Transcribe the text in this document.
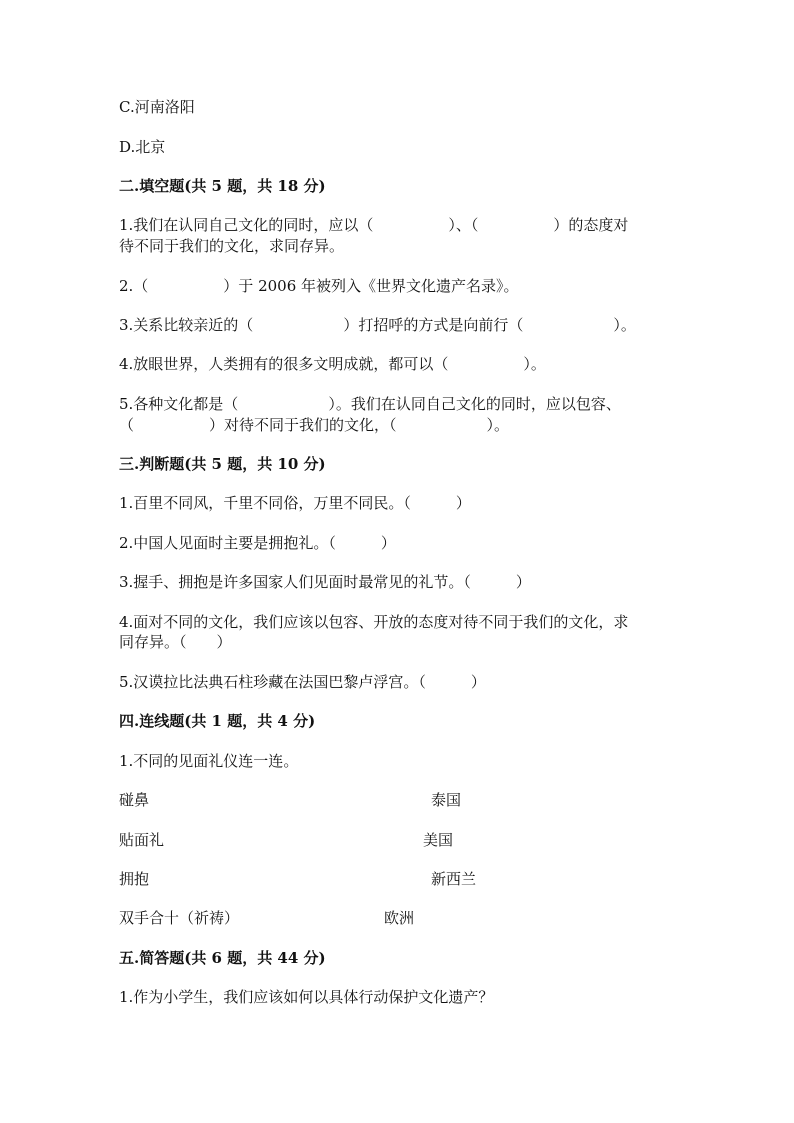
C.河南洛阳
D.北京
二.填空题(共 5 题，共 18 分)
1.我们在认同自己文化的同时，应以（　　　　　）、（　　　　　）的态度对
待不同于我们的文化，求同存异。
2.（　　　　　）于 2006 年被列入《世界文化遗产名录》。
3.关系比较亲近的（　　　　　　）打招呼的方式是向前行（　　　　　　）。
4.放眼世界，人类拥有的很多文明成就，都可以（　　　　　）。
5.各种文化都是（　　　　　　）。我们在认同自己文化的同时，应以包容、
（　　　　　）对待不同于我们的文化，（　　　　　　）。
三.判断题(共 5 题，共 10 分)
1.百里不同风，千里不同俗，万里不同民。（　　　）
2.中国人见面时主要是拥抱礼。（　　　）
3.握手、拥抱是许多国家人们见面时最常见的礼节。（　　　）
4.面对不同的文化，我们应该以包容、开放的态度对待不同于我们的文化，求
同存异。（　　）
5.汉谟拉比法典石柱珍藏在法国巴黎卢浮宫。（　　　）
四.连线题(共 1 题，共 4 分)
1.不同的见面礼仪连一连。
碰鼻	泰国
贴面礼	美国
拥抱	新西兰
双手合十（祈祷）	欧洲
五.简答题(共 6 题，共 44 分)
1.作为小学生，我们应该如何以具体行动保护文化遗产？
